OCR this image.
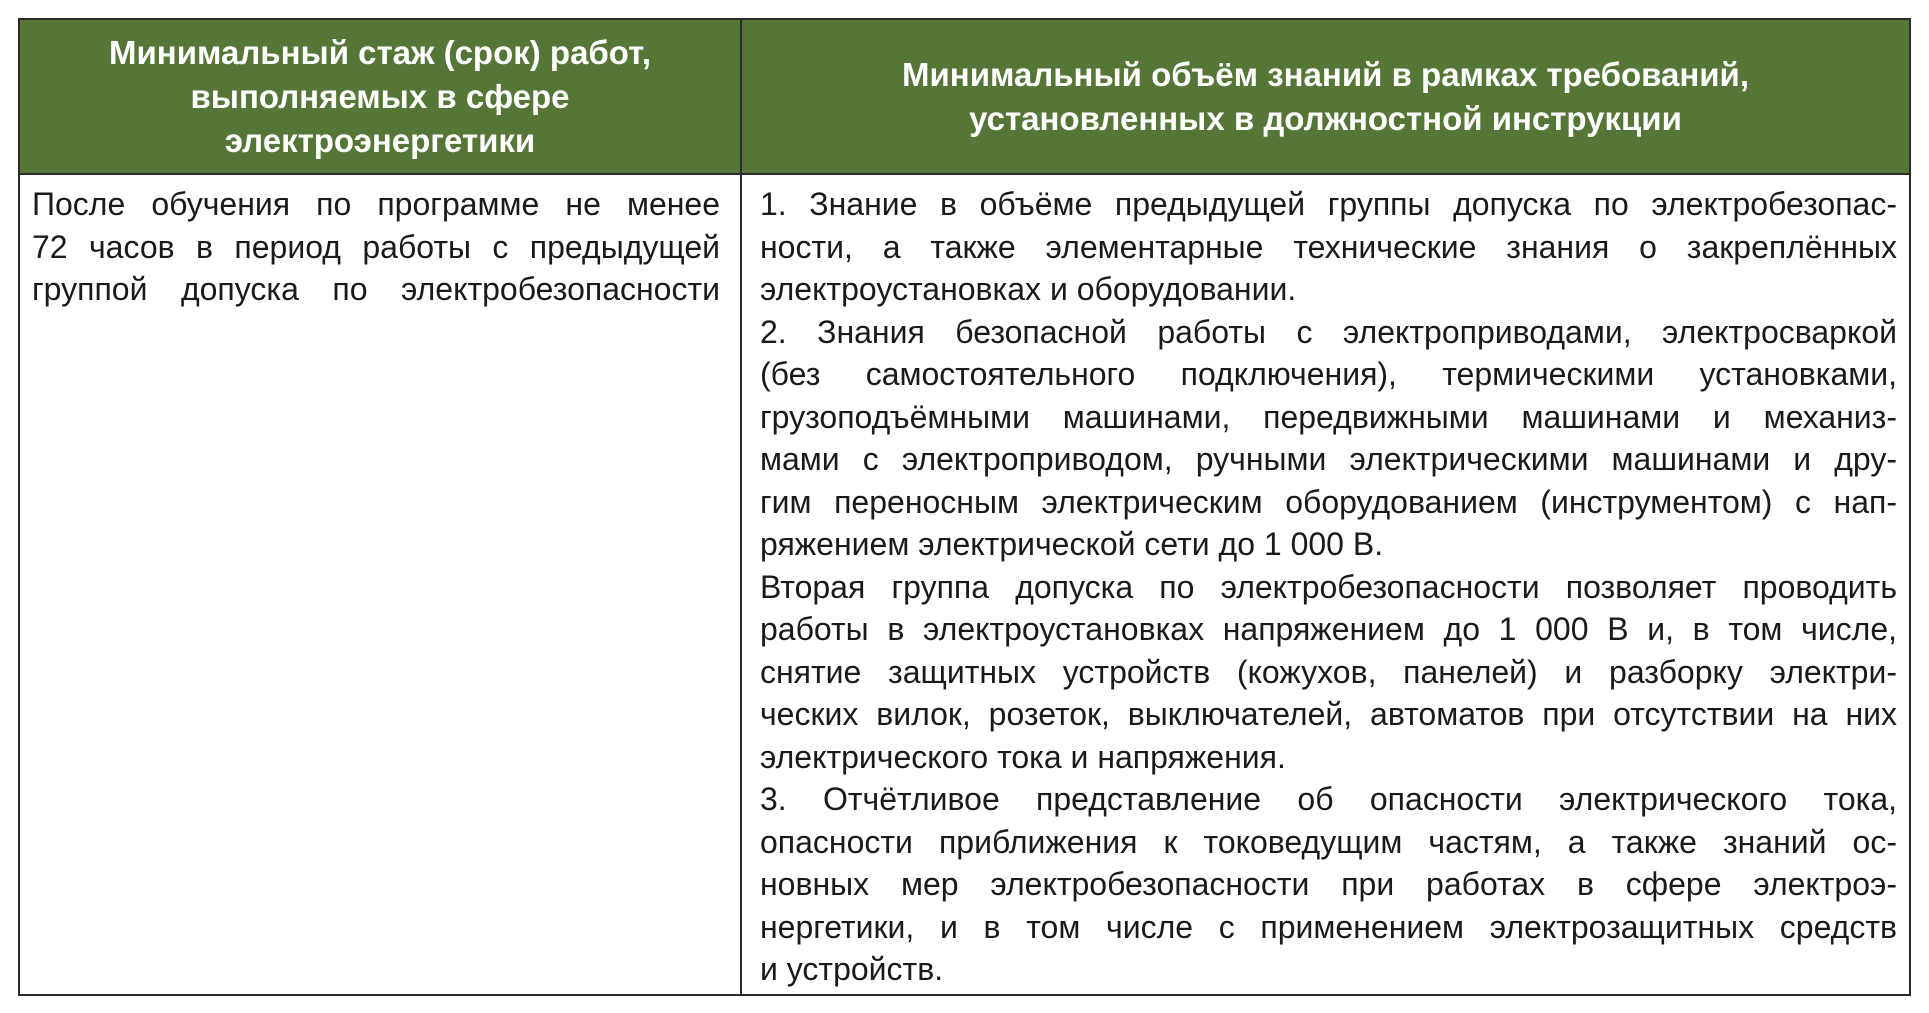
Минимальный стаж (срок) работ,
выполняемых в сфере
электроэнергетики
Минимальный объём знаний в рамках требований,
установленных в должностной инструкции

После обучения по программе не менее
72 часов в период работы с предыдущей
группой допуска по электробезопасности

1. Знание в объёме предыдущей группы допуска по электробезопас-
ности, а также элементарные технические знания о закреплённых
электроустановках и оборудовании.

2. Знания безопасной работы с электроприводами, электросваркой
(без самостоятельного подключения), термическими установками,
грузоподъёмными машинами, передвижными машинами и механиз-
мами с электроприводом, ручными электрическими машинами и дру-
гим переносным электрическим оборудованием (инструментом) с нап-
ряжением электрической сети до 1 000 В.

Вторая группа допуска по электробезопасности позволяет проводить
работы в электроустановках напряжением до 1 000 В и, в том числе,
снятие защитных устройств (кожухов, панелей) и разборку электри-
ческих вилок, розеток, выключателей, автоматов при отсутствии на них
электрического тока и напряжения.

3. Отчётливое представление об опасности электрического тока,
опасности приближения к токоведущим частям, а также знаний ос-
новных мер электробезопасности при работах в сфере электроэ-
нергетики, и в том числе с применением электрозащитных средств
и устройств.
